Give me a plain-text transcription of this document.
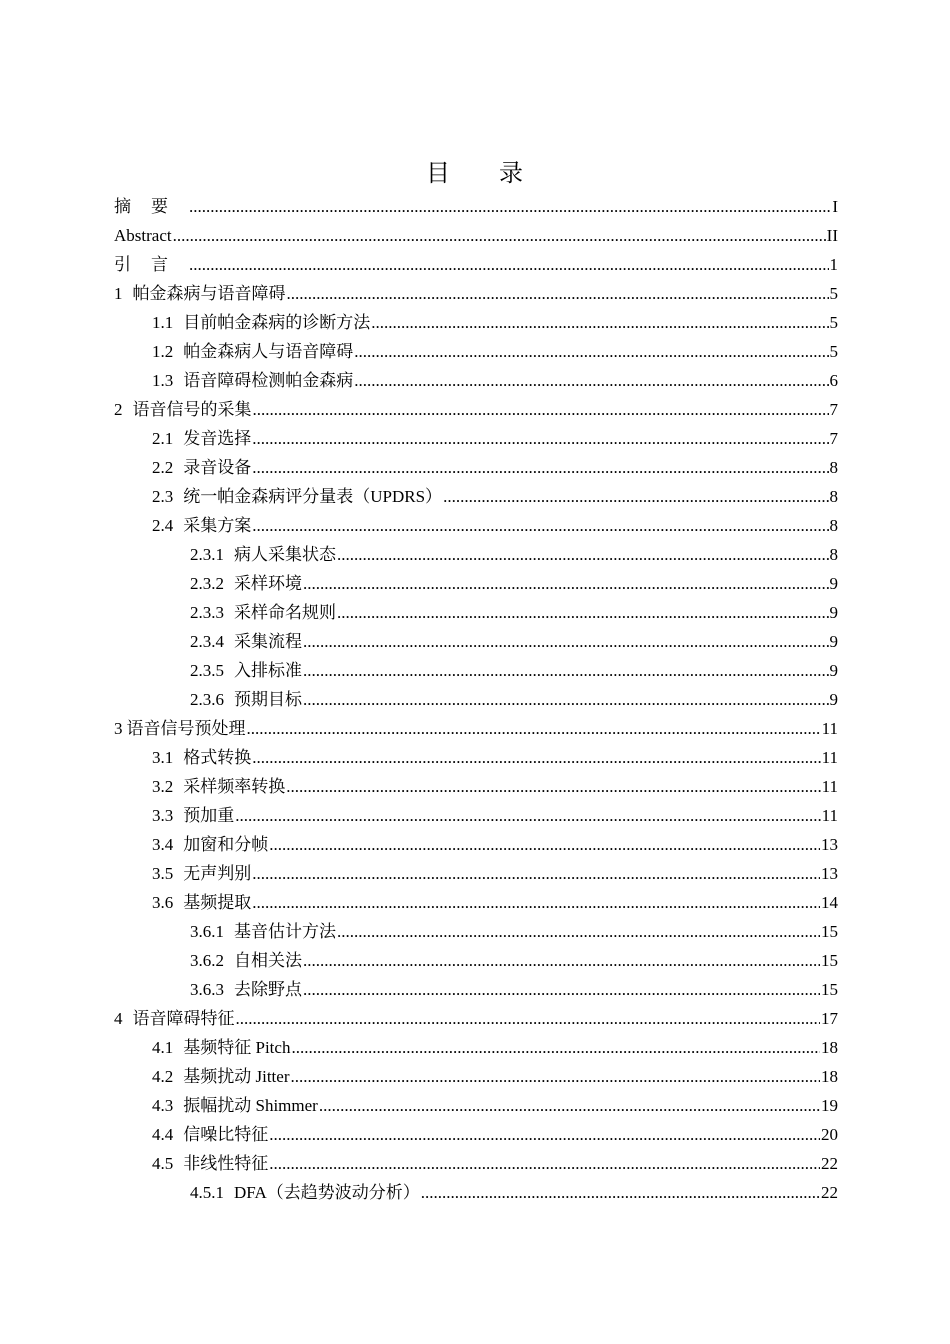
目 录
摘要 .....	I
Abstract .....	II
引言 .....	1
1 帕金森病与语音障碍 .....	5
1.1 目前帕金森病的诊断方法 .....	5
1.2 帕金森病人与语音障碍 .....	5
1.3 语音障碍检测帕金森病 .....	6
2 语音信号的采集 .....	7
2.1 发音选择 .....	7
2.2 录音设备 .....	8
2.3 统一帕金森病评分量表（UPDRS） .....	8
2.4 采集方案 .....	8
2.3.1 病人采集状态 .....	8
2.3.2 采样环境 .....	9
2.3.3 采样命名规则 .....	9
2.3.4 采集流程 .....	9
2.3.5 入排标准 .....	9
2.3.6 预期目标 .....	9
3 语音信号预处理 .....	11
3.1 格式转换 .....	11
3.2 采样频率转换 .....	11
3.3 预加重 .....	11
3.4 加窗和分帧 .....	13
3.5 无声判别 .....	13
3.6 基频提取 .....	14
3.6.1 基音估计方法 .....	15
3.6.2 自相关法 .....	15
3.6.3 去除野点 .....	15
4 语音障碍特征 .....	17
4.1 基频特征 Pitch .....	18
4.2 基频扰动 Jitter .....	18
4.3 振幅扰动 Shimmer .....	19
4.4 信噪比特征 .....	20
4.5 非线性特征 .....	22
4.5.1 DFA（去趋势波动分析） .....	22
